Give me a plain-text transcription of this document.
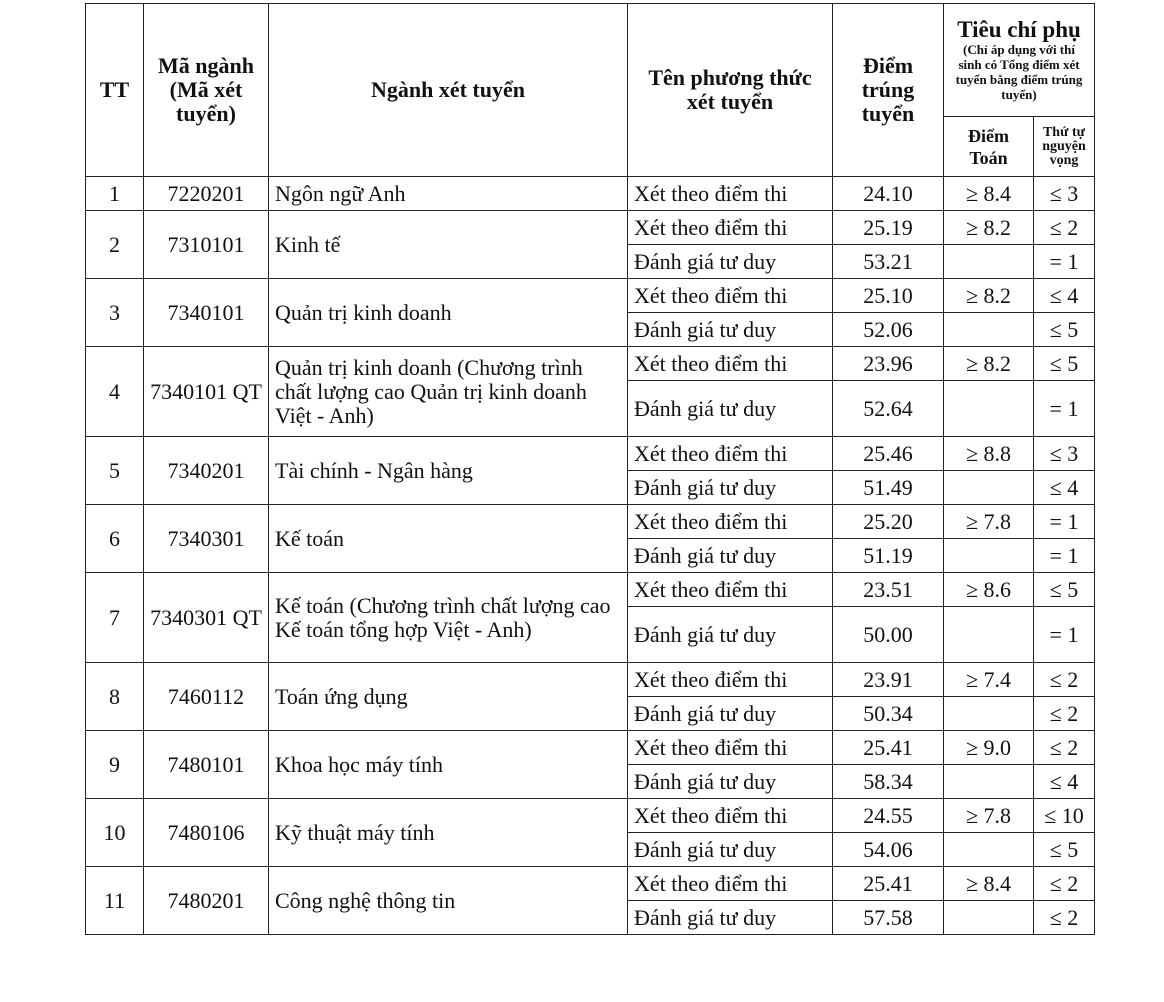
TT	Mã ngành (Mã xét tuyển)	Ngành xét tuyển	Tên phương thức xét tuyển	Điểm trúng tuyển	Tiêu chí phụ
(Chỉ áp dụng với thí sinh có Tổng điểm xét tuyển bằng điểm trúng tuyển)	

					Điểm Toán	Thứ tự nguyện vọng
1	7220201	Ngôn ngữ Anh	Xét theo điểm thi	24.10	≥ 8.4	≤ 3
2	7310101	Kinh tế	Xét theo điểm thi	25.19	≥ 8.2	≤ 2
			Đánh giá tư duy	53.21		= 1
3	7340101	Quản trị kinh doanh	Xét theo điểm thi	25.10	≥ 8.2	≤ 4
			Đánh giá tư duy	52.06		≤ 5
4	7340101 QT	Quản trị kinh doanh (Chương trình chất lượng cao Quản trị kinh doanh Việt - Anh)	Xét theo điểm thi	23.96	≥ 8.2	≤ 5
			Đánh giá tư duy	52.64		= 1
5	7340201	Tài chính - Ngân hàng	Xét theo điểm thi	25.46	≥ 8.8	≤ 3
			Đánh giá tư duy	51.49		≤ 4
6	7340301	Kế toán	Xét theo điểm thi	25.20	≥ 7.8	= 1
			Đánh giá tư duy	51.19		= 1
7	7340301 QT	Kế toán (Chương trình chất lượng cao Kế toán tổng hợp Việt - Anh)	Xét theo điểm thi	23.51	≥ 8.6	≤ 5
			Đánh giá tư duy	50.00		= 1
8	7460112	Toán ứng dụng	Xét theo điểm thi	23.91	≥ 7.4	≤ 2
			Đánh giá tư duy	50.34		≤ 2
9	7480101	Khoa học máy tính	Xét theo điểm thi	25.41	≥ 9.0	≤ 2
			Đánh giá tư duy	58.34		≤ 4
10	7480106	Kỹ thuật máy tính	Xét theo điểm thi	24.55	≥ 7.8	≤ 10
			Đánh giá tư duy	54.06		≤ 5
11	7480201	Công nghệ thông tin	Xét theo điểm thi	25.41	≥ 8.4	≤ 2
			Đánh giá tư duy	57.58		≤ 2
